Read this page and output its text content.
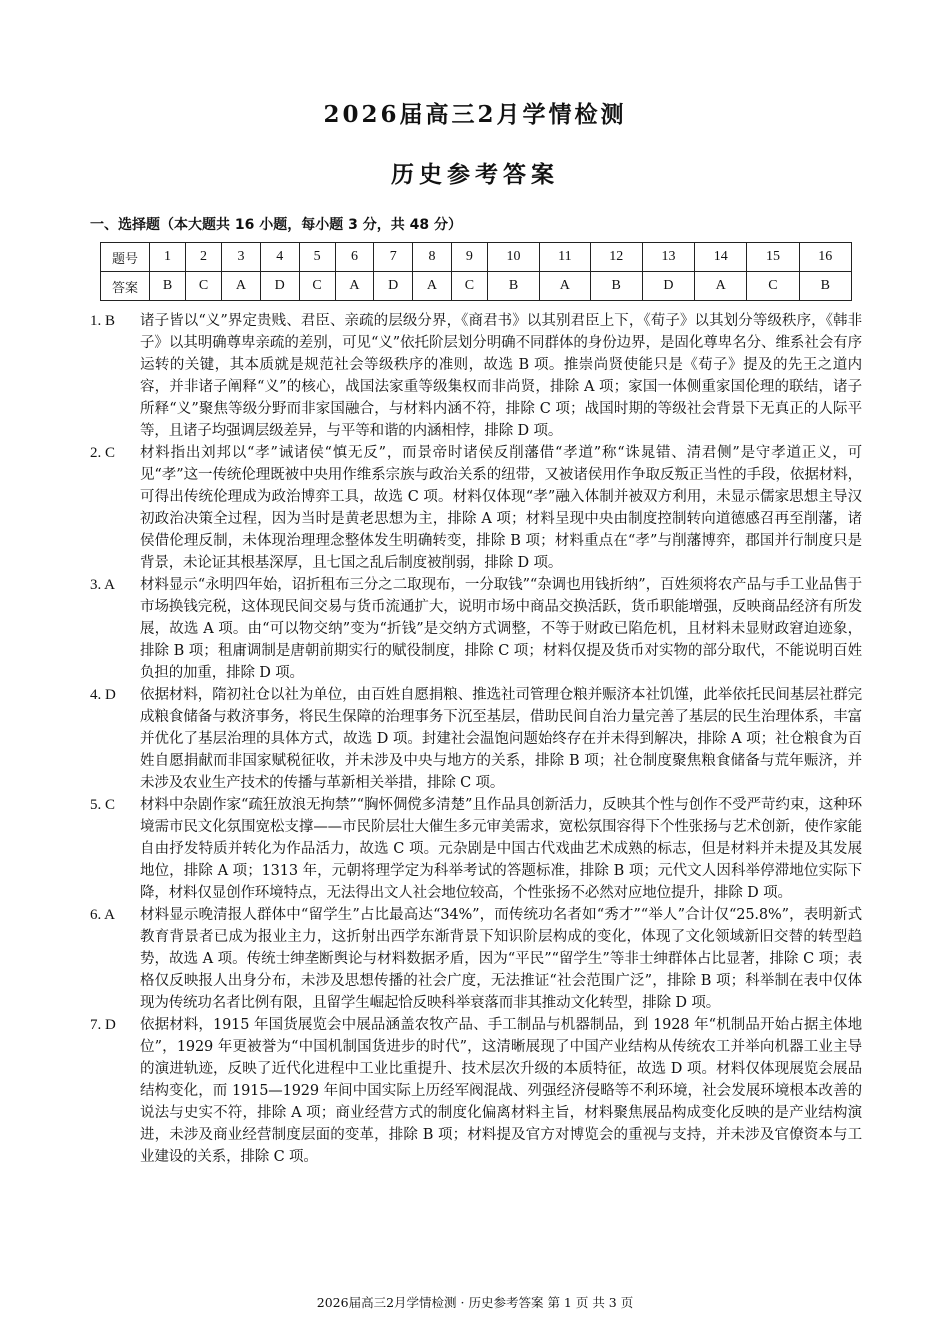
2026届高三2月学情检测
历史参考答案
一、选择题（本大题共 16 小题，每小题 3 分，共 48 分）
题号	1	2	3	4	5	6	7	8	9	10	11	12	13	14	15	16
答案	B	C	A	D	C	A	D	A	C	B	A	B	D	A	C	B
1. B	诸子皆以“义”界定贵贱、君臣、亲疏的层级分界，《商君书》以其别君臣上下，《荀子》以其划分等级秩序，《韩非子》以其明确尊卑亲疏的差别，可见“义”依托阶层划分明确不同群体的身份边界，是固化尊卑名分、维系社会有序运转的关键，其本质就是规范社会等级秩序的准则，故选 B 项。推崇尚贤使能只是《荀子》提及的先王之道内容，并非诸子阐释“义”的核心，战国法家重等级集权而非尚贤，排除 A 项；家国一体侧重家国伦理的联结，诸子所释“义”聚焦等级分野而非家国融合，与材料内涵不符，排除 C 项；战国时期的等级社会背景下无真正的人际平等，且诸子均强调层级差异，与平等和谐的内涵相悖，排除 D 项。
2. C	材料指出刘邦以“孝”诫诸侯“慎无反”，而景帝时诸侯反削藩借“孝道”称“诛晁错、清君侧”是守孝道正义，可见“孝”这一传统伦理既被中央用作维系宗族与政治关系的纽带，又被诸侯用作争取反叛正当性的手段，依据材料，可得出传统伦理成为政治博弈工具，故选 C 项。材料仅体现“孝”融入体制并被双方利用，未显示儒家思想主导汉初政治决策全过程，因为当时是黄老思想为主，排除 A 项；材料呈现中央由制度控制转向道德感召再至削藩，诸侯借伦理反制，未体现治理理念整体发生明确转变，排除 B 项；材料重点在“孝”与削藩博弈，郡国并行制度只是背景，未论证其根基深厚，且七国之乱后制度被削弱，排除 D 项。
3. A	材料显示“永明四年始，诏折租布三分之二取现布，一分取钱”“杂调也用钱折纳”，百姓须将农产品与手工业品售于市场换钱完税，这体现民间交易与货币流通扩大，说明市场中商品交换活跃，货币职能增强，反映商品经济有所发展，故选 A 项。由“可以物交纳”变为“折钱”是交纳方式调整，不等于财政已陷危机，且材料未显财政窘迫迹象，排除 B 项；租庸调制是唐朝前期实行的赋役制度，排除 C 项；材料仅提及货币对实物的部分取代，不能说明百姓负担的加重，排除 D 项。
4. D	依据材料，隋初社仓以社为单位，由百姓自愿捐粮、推选社司管理仓粮并赈济本社饥馑，此举依托民间基层社群完成粮食储备与救济事务，将民生保障的治理事务下沉至基层，借助民间自治力量完善了基层的民生治理体系，丰富并优化了基层治理的具体方式，故选 D 项。封建社会温饱问题始终存在并未得到解决，排除 A 项；社仓粮食为百姓自愿捐献而非国家赋税征收，并未涉及中央与地方的关系，排除 B 项；社仓制度聚焦粮食储备与荒年赈济，并未涉及农业生产技术的传播与革新相关举措，排除 C 项。
5. C	材料中杂剧作家“疏狂放浪无拘禁”“胸怀倜傥多清楚”且作品具创新活力，反映其个性与创作不受严苛约束，这种环境需市民文化氛围宽松支撑——市民阶层壮大催生多元审美需求，宽松氛围容得下个性张扬与艺术创新，使作家能自由抒发特质并转化为作品活力，故选 C 项。元杂剧是中国古代戏曲艺术成熟的标志，但是材料并未提及其发展地位，排除 A 项；1313 年，元朝将理学定为科举考试的答题标准，排除 B 项；元代文人因科举停滞地位实际下降，材料仅显创作环境特点，无法得出文人社会地位较高，个性张扬不必然对应地位提升，排除 D 项。
6. A	材料显示晚清报人群体中“留学生”占比最高达“34%”，而传统功名者如“秀才”“举人”合计仅“25.8%”，表明新式教育背景者已成为报业主力，这折射出西学东渐背景下知识阶层构成的变化，体现了文化领域新旧交替的转型趋势，故选 A 项。传统士绅垄断舆论与材料数据矛盾，因为“平民”“留学生”等非士绅群体占比显著，排除 C 项；表格仅反映报人出身分布，未涉及思想传播的社会广度，无法推证“社会范围广泛”，排除 B 项；科举制在表中仅体现为传统功名者比例有限，且留学生崛起恰反映科举衰落而非其推动文化转型，排除 D 项。
7. D	依据材料，1915 年国货展览会中展品涵盖农牧产品、手工制品与机器制品，到 1928 年“机制品开始占据主体地位”，1929 年更被誉为“中国机制国货进步的时代”，这清晰展现了中国产业结构从传统农工并举向机器工业主导的演进轨迹，反映了近代化进程中工业比重提升、技术层次升级的本质特征，故选 D 项。材料仅体现展览会展品结构变化，而 1915—1929 年间中国实际上历经军阀混战、列强经济侵略等不利环境，社会发展环境根本改善的说法与史实不符，排除 A 项；商业经营方式的制度化偏离材料主旨，材料聚焦展品构成变化反映的是产业结构演进，未涉及商业经营制度层面的变革，排除 B 项；材料提及官方对博览会的重视与支持，并未涉及官僚资本与工业建设的关系，排除 C 项。
2026届高三2月学情检测 · 历史参考答案 第 1 页 共 3 页
